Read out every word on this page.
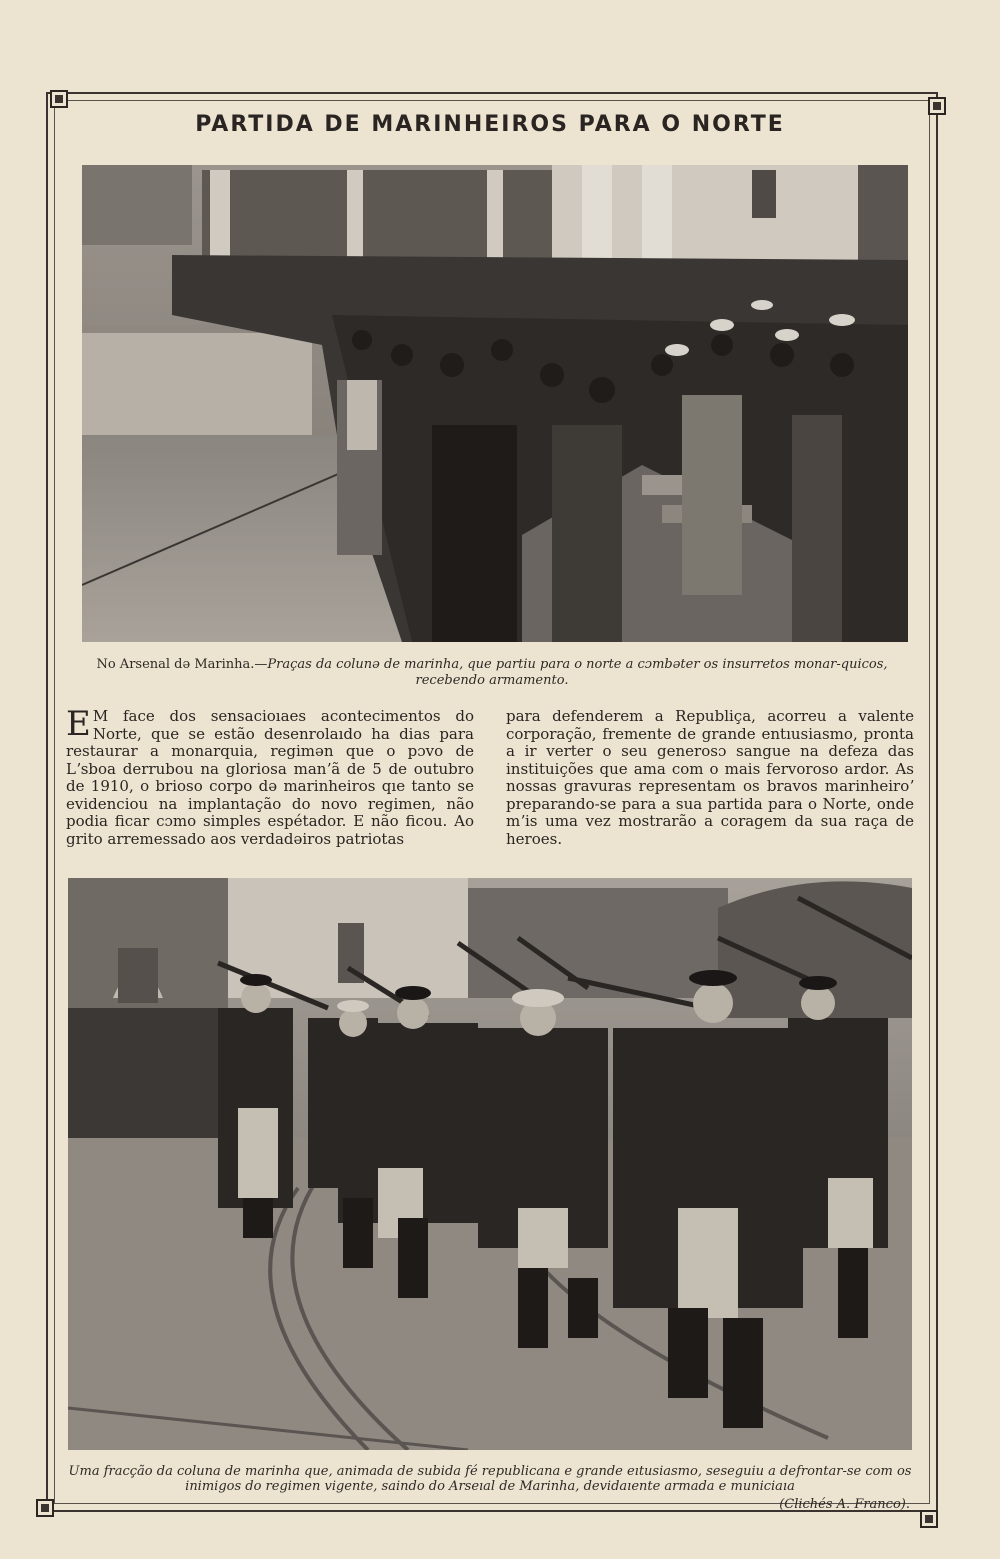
PARTIDA DE MARINHEIROS PARA O NORTE
No Arsenal də Marinha.—Praças da colunə de marinha, que partiu para o norte a cɔmbəter os insurretos monar-quicos, recebendo armamento.
E M face dos sensacioıaes acontecimentos do Norte, que se estão desenrolaıdo ha dias para restaurar a monarquia, regimən que o pɔvo de Lʼsboa derrubou na gloriosa manʼã de 5 de outubro de 1910, o brioso corpo də marinheiros qıe tanto se evidenciou na implantação do novo regimen, não podia ficar cɔmo simples espétador. E não ficou. Ao grito arremessado aos verdadəiros patriotas
para defenderem a Republiça, acorreu a valente corporação, fremente de grande entıusiasmo, pronta a ir verter o seu generosɔ sangue na defeza das instituições que ama com o mais fervoroso ardor. As nossas gravuras representam os bravos marinheiroʼ preparando-se para a sua partida para o Norte, onde mʼis uma vez mostrarão a coragem da sua raça de heroes.
Uma fracção da coluna de marinha que, animada de subida fé republicana e grande eıtusiasmo, seseguiu a defrontar-se com os inimigos do regimen vigente, saindo do Arseıal de Marinha, devidaıente armada e municiaıa
(Clichés A. Franco).
